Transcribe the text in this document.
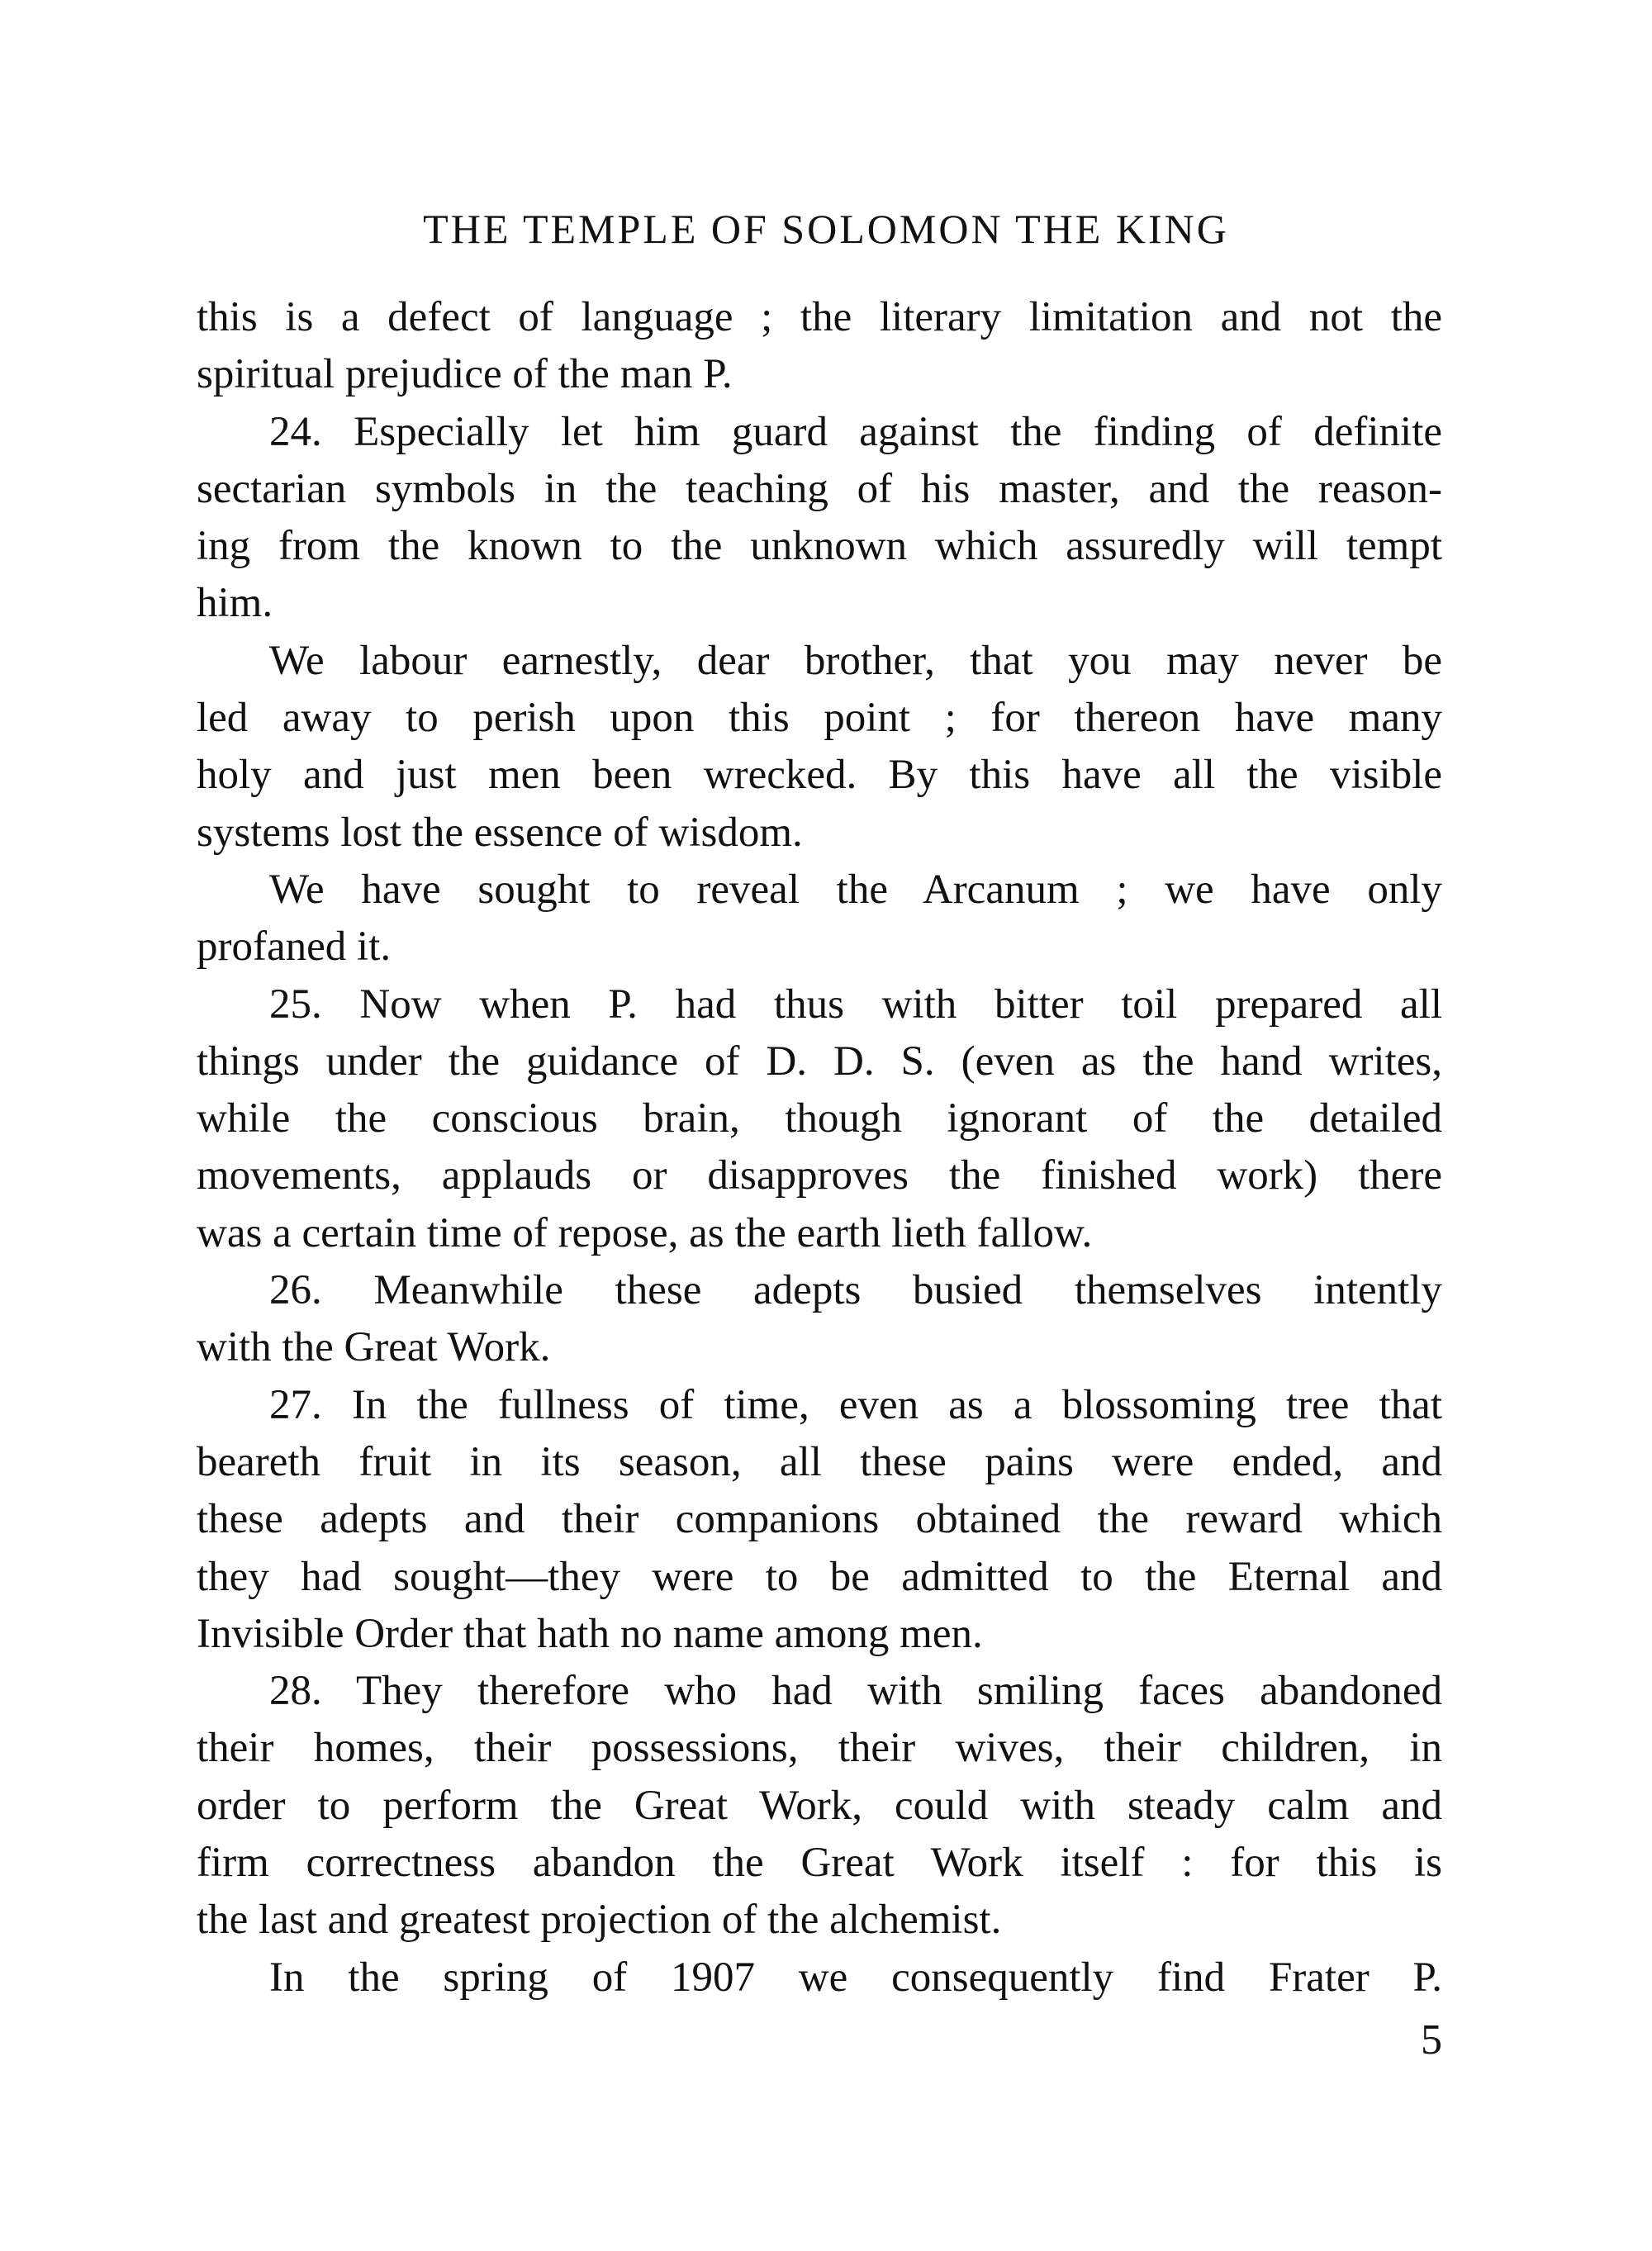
THE TEMPLE OF SOLOMON THE KING
this is a defect of language ; the literary limitation and not the
spiritual prejudice of the man P.
24. Especially let him guard against the finding of definite
sectarian symbols in the teaching of his master, and the reason-
ing from the known to the unknown which assuredly will tempt
him.
We labour earnestly, dear brother, that you may never be
led away to perish upon this point ; for thereon have many
holy and just men been wrecked. By this have all the visible
systems lost the essence of wisdom.
We have sought to reveal the Arcanum ; we have only
profaned it.
25. Now when P. had thus with bitter toil prepared all
things under the guidance of D. D. S. (even as the hand writes,
while the conscious brain, though ignorant of the detailed
movements, applauds or disapproves the finished work) there
was a certain time of repose, as the earth lieth fallow.
26. Meanwhile these adepts busied themselves intently
with the Great Work.
27. In the fullness of time, even as a blossoming tree that
beareth fruit in its season, all these pains were ended, and
these adepts and their companions obtained the reward which
they had sought—they were to be admitted to the Eternal and
Invisible Order that hath no name among men.
28. They therefore who had with smiling faces abandoned
their homes, their possessions, their wives, their children, in
order to perform the Great Work, could with steady calm and
firm correctness abandon the Great Work itself : for this is
the last and greatest projection of the alchemist.
In the spring of 1907 we consequently find Frater P.
5
